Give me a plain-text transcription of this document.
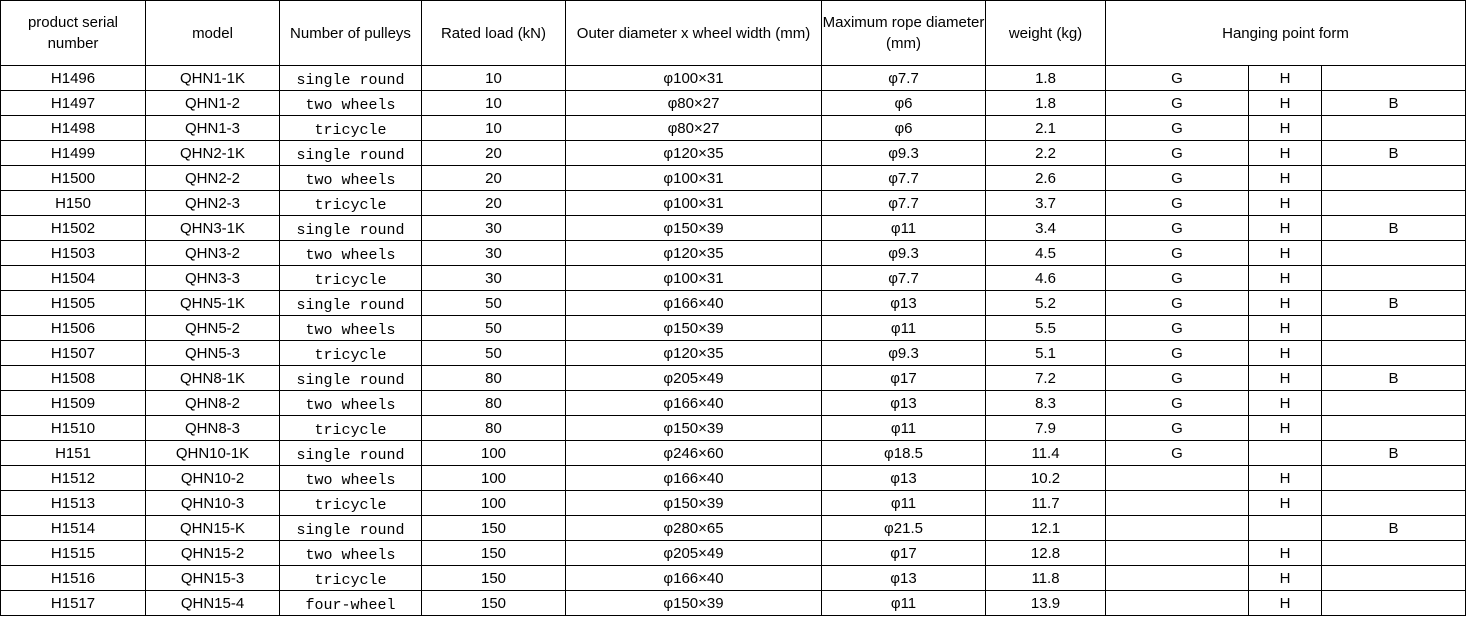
product serial number	model	Number of pulleys	Rated load (kN)	Outer diameter x wheel width (mm)	Maximum rope diameter (mm)	weight (kg)	Hanging point form		
H1496	QHN1-1K	single round	10	φ100×31	φ7.7	1.8	G	H	
H1497	QHN1-2	two wheels	10	φ80×27	φ6	1.8	G	H	B
H1498	QHN1-3	tricycle	10	φ80×27	φ6	2.1	G	H	
H1499	QHN2-1K	single round	20	φ120×35	φ9.3	2.2	G	H	B
H1500	QHN2-2	two wheels	20	φ100×31	φ7.7	2.6	G	H	
H150	QHN2-3	tricycle	20	φ100×31	φ7.7	3.7	G	H	
H1502	QHN3-1K	single round	30	φ150×39	φ11	3.4	G	H	B
H1503	QHN3-2	two wheels	30	φ120×35	φ9.3	4.5	G	H	
H1504	QHN3-3	tricycle	30	φ100×31	φ7.7	4.6	G	H	
H1505	QHN5-1K	single round	50	φ166×40	φ13	5.2	G	H	B
H1506	QHN5-2	two wheels	50	φ150×39	φ11	5.5	G	H	
H1507	QHN5-3	tricycle	50	φ120×35	φ9.3	5.1	G	H	
H1508	QHN8-1K	single round	80	φ205×49	φ17	7.2	G	H	B
H1509	QHN8-2	two wheels	80	φ166×40	φ13	8.3	G	H	
H1510	QHN8-3	tricycle	80	φ150×39	φ11	7.9	G	H	
H151	QHN10-1K	single round	100	φ246×60	φ18.5	11.4	G		B
H1512	QHN10-2	two wheels	100	φ166×40	φ13	10.2		H	
H1513	QHN10-3	tricycle	100	φ150×39	φ11	11.7		H	
H1514	QHN15-K	single round	150	φ280×65	φ21.5	12.1			B
H1515	QHN15-2	two wheels	150	φ205×49	φ17	12.8		H	
H1516	QHN15-3	tricycle	150	φ166×40	φ13	11.8		H	
H1517	QHN15-4	four-wheel	150	φ150×39	φ11	13.9		H	
